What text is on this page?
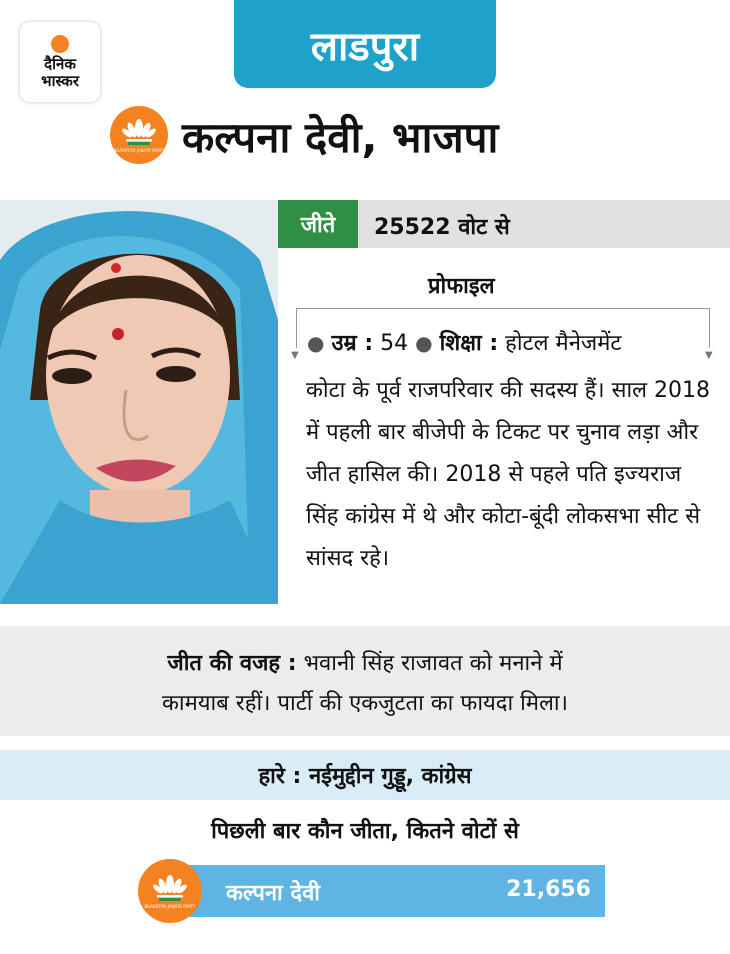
दैनिक
भास्कर
लाडपुरा
BHARATIYA JANATA PARTY कल्पना देवी, भाजपा
जीते	25522 वोट से
प्रोफाइल
▼	▼
● उम्र : 54 ● शिक्षा : होटल मैनेजमेंट
कोटा के पूर्व राजपरिवार की सदस्य हैं। साल 2018 में पहली बार बीजेपी के टिकट पर चुनाव लड़ा और जीत हासिल की। 2018 से पहले पति इज्यराज सिंह कांग्रेस में थे और कोटा-बूंदी लोकसभा सीट से सांसद रहे।
जीत की वजह : भवानी सिंह राजावत को मनाने में
कामयाब रहीं। पार्टी की एकजुटता का फायदा मिला।
हारे : नईमुद्दीन गुड्डू, कांग्रेस
पिछली बार कौन जीता, कितने वोटों से
कल्पना देवी	21,656
BHARATIYA JANATA PARTY
